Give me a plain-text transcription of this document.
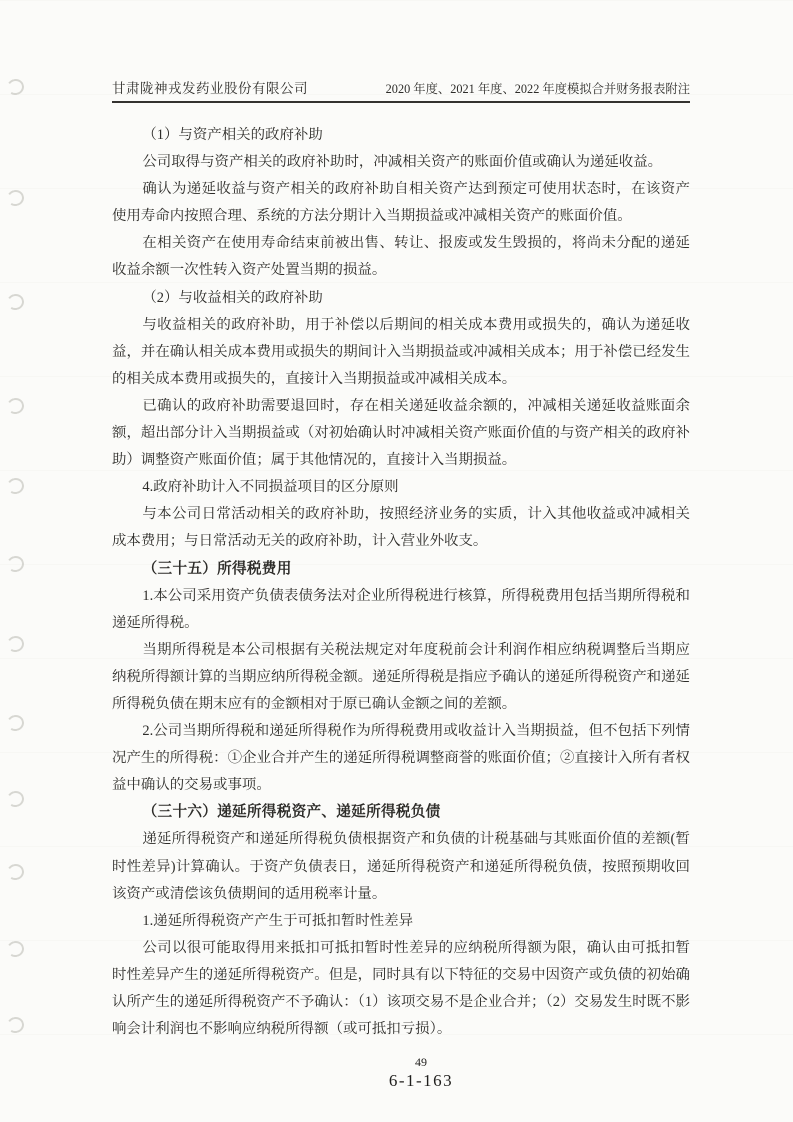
甘肃陇神戎发药业股份有限公司	2020 年度、2021 年度、2022 年度模拟合并财务报表附注

（1）与资产相关的政府补助

公司取得与资产相关的政府补助时，冲减相关资产的账面价值或确认为递延收益。

确认为递延收益与资产相关的政府补助自相关资产达到预定可使用状态时，在该资产使用寿命内按照合理、系统的方法分期计入当期损益或冲减相关资产的账面价值。

在相关资产在使用寿命结束前被出售、转让、报废或发生毁损的，将尚未分配的递延收益余额一次性转入资产处置当期的损益。

（2）与收益相关的政府补助

与收益相关的政府补助，用于补偿以后期间的相关成本费用或损失的，确认为递延收益，并在确认相关成本费用或损失的期间计入当期损益或冲减相关成本；用于补偿已经发生的相关成本费用或损失的，直接计入当期损益或冲减相关成本。

已确认的政府补助需要退回时，存在相关递延收益余额的，冲减相关递延收益账面余额，超出部分计入当期损益或（对初始确认时冲减相关资产账面价值的与资产相关的政府补助）调整资产账面价值；属于其他情况的，直接计入当期损益。

4.政府补助计入不同损益项目的区分原则

与本公司日常活动相关的政府补助，按照经济业务的实质，计入其他收益或冲减相关成本费用；与日常活动无关的政府补助，计入营业外收支。

（三十五）所得税费用

1.本公司采用资产负债表债务法对企业所得税进行核算，所得税费用包括当期所得税和递延所得税。

当期所得税是本公司根据有关税法规定对年度税前会计利润作相应纳税调整后当期应纳税所得额计算的当期应纳所得税金额。递延所得税是指应予确认的递延所得税资产和递延所得税负债在期末应有的金额相对于原已确认金额之间的差额。

2.公司当期所得税和递延所得税作为所得税费用或收益计入当期损益，但不包括下列情况产生的所得税：①企业合并产生的递延所得税调整商誉的账面价值；②直接计入所有者权益中确认的交易或事项。

（三十六）递延所得税资产、递延所得税负债

递延所得税资产和递延所得税负债根据资产和负债的计税基础与其账面价值的差额(暂时性差异)计算确认。于资产负债表日，递延所得税资产和递延所得税负债，按照预期收回该资产或清偿该负债期间的适用税率计量。

1.递延所得税资产产生于可抵扣暂时性差异

公司以很可能取得用来抵扣可抵扣暂时性差异的应纳税所得额为限，确认由可抵扣暂时性差异产生的递延所得税资产。但是，同时具有以下特征的交易中因资产或负债的初始确认所产生的递延所得税资产不予确认：（1）该项交易不是企业合并；（2）交易发生时既不影响会计利润也不影响应纳税所得额（或可抵扣亏损）。

49
6-1-163
